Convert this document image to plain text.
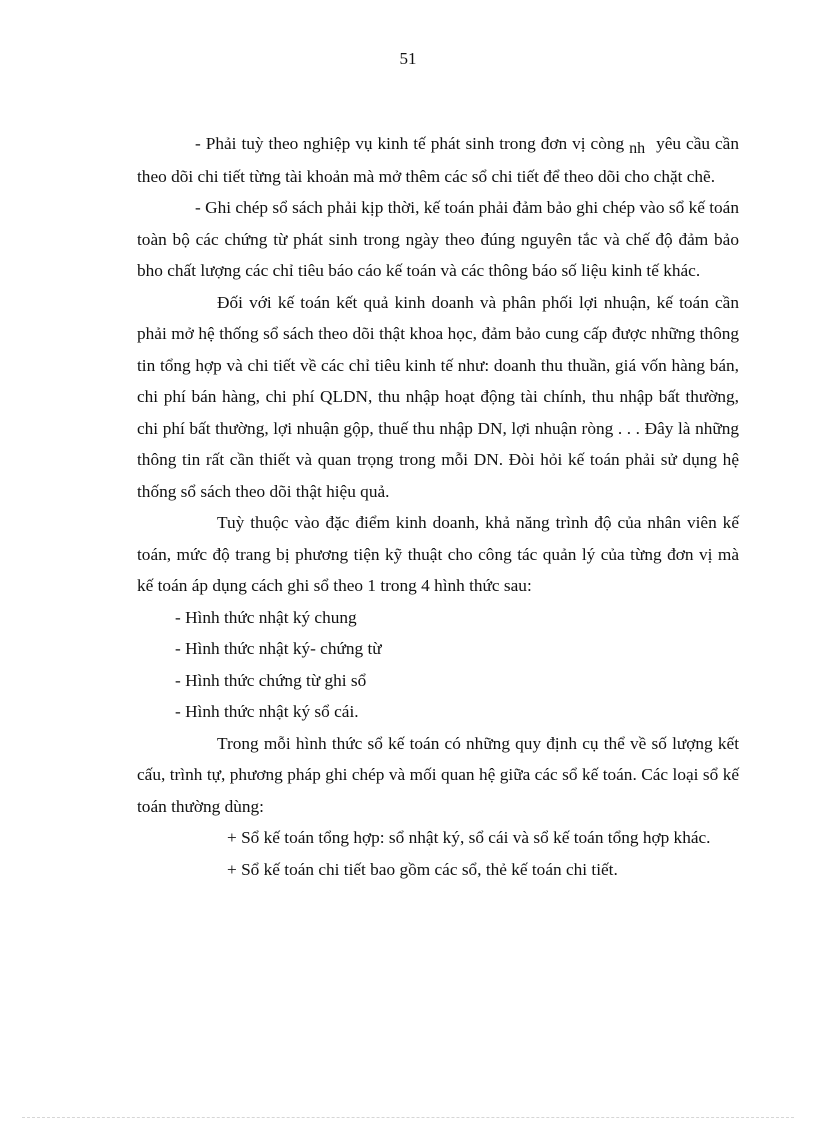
51

- Phải tuỳ theo nghiệp vụ kinh tế phát sinh trong đơn vị còng nh yêu cầu cần theo dõi chi tiết từng tài khoản mà mở thêm các sổ chi tiết để theo dõi cho chặt chẽ.

- Ghi chép sổ sách phải kịp thời, kế toán phải đảm bảo ghi chép vào sổ kế toán toàn bộ các chứng từ phát sinh trong ngày theo đúng nguyên tắc và chế độ đảm bảo bho chất lượng các chỉ tiêu báo cáo kế toán và các thông báo số liệu kinh tế khác.

Đối với kế toán kết quả kinh doanh và phân phối lợi nhuận, kế toán cần phải mở hệ thống sổ sách theo dõi thật khoa học, đảm bảo cung cấp được những thông tin tổng hợp và chi tiết về các chỉ tiêu kinh tế như: doanh thu thuần, giá vốn hàng bán, chi phí bán hàng, chi phí QLDN, thu nhập hoạt động tài chính, thu nhập bất thường, chi phí bất thường, lợi nhuận gộp, thuế thu nhập DN, lợi nhuận ròng . . . Đây là những thông tin rất cần thiết và quan trọng trong mỗi DN. Đòi hỏi kế toán phải sử dụng hệ thống sổ sách theo dõi thật hiệu quả.

Tuỳ thuộc vào đặc điểm kinh doanh, khả năng trình độ của nhân viên kế toán, mức độ trang bị phương tiện kỹ thuật cho công tác quản lý của từng đơn vị mà kế toán áp dụng cách ghi sổ theo 1 trong 4 hình thức sau:

- Hình thức nhật ký chung

- Hình thức nhật ký- chứng từ

- Hình thức chứng từ ghi sổ

- Hình thức nhật ký sổ cái.

Trong mỗi hình thức sổ kế toán có những quy định cụ thể về số lượng kết cấu, trình tự, phương pháp ghi chép và mối quan hệ giữa các sổ kế toán. Các loại sổ kế toán thường dùng:

+ Sổ kế toán tổng hợp: sổ nhật ký, sổ cái và sổ kế toán tổng hợp khác.

+ Sổ kế toán chi tiết bao gồm các sổ, thẻ kế toán chi tiết.
